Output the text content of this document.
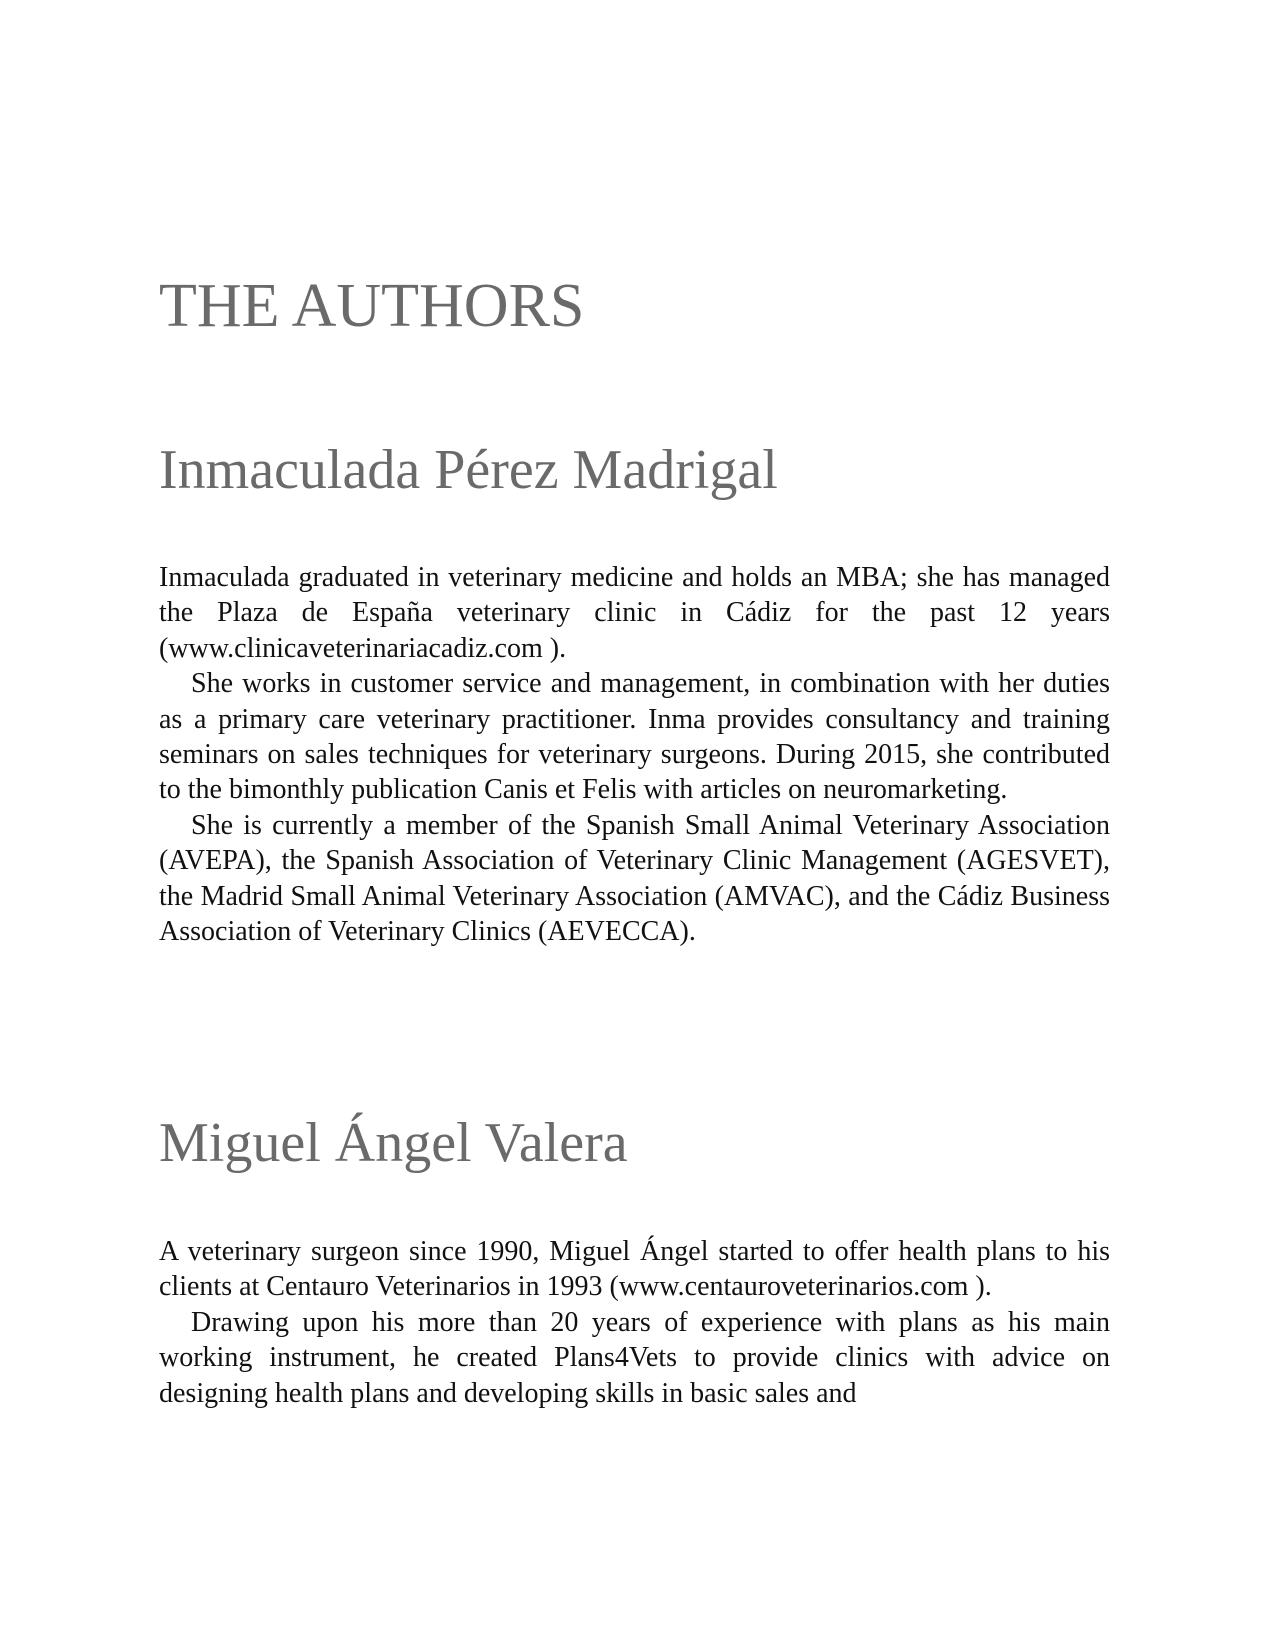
THE AUTHORS
Inmaculada Pérez Madrigal

Inmaculada graduated in veterinary medicine and holds an MBA; she has managed the Plaza de España veterinary clinic in Cádiz for the past 12 years (www.clinicaveterinariacadiz.com ).

She works in customer service and management, in combination with her duties as a primary care veterinary practitioner. Inma provides consultancy and training seminars on sales techniques for veterinary surgeons. During 2015, she contributed to the bimonthly publication Canis et Felis with articles on neuromarketing.

She is currently a member of the Spanish Small Animal Veterinary Association (AVEPA), the Spanish Association of Veterinary Clinic Management (AGESVET), the Madrid Small Animal Veterinary Association (AMVAC), and the Cádiz Business Association of Veterinary Clinics (AEVECCA).

Miguel Ángel Valera

A veterinary surgeon since 1990, Miguel Ángel started to offer health plans to his clients at Centauro Veterinarios in 1993 (www.centauroveterinarios.com ).

Drawing upon his more than 20 years of experience with plans as his main working instrument, he created Plans4Vets to provide clinics with advice on designing health plans and developing skills in basic sales and
